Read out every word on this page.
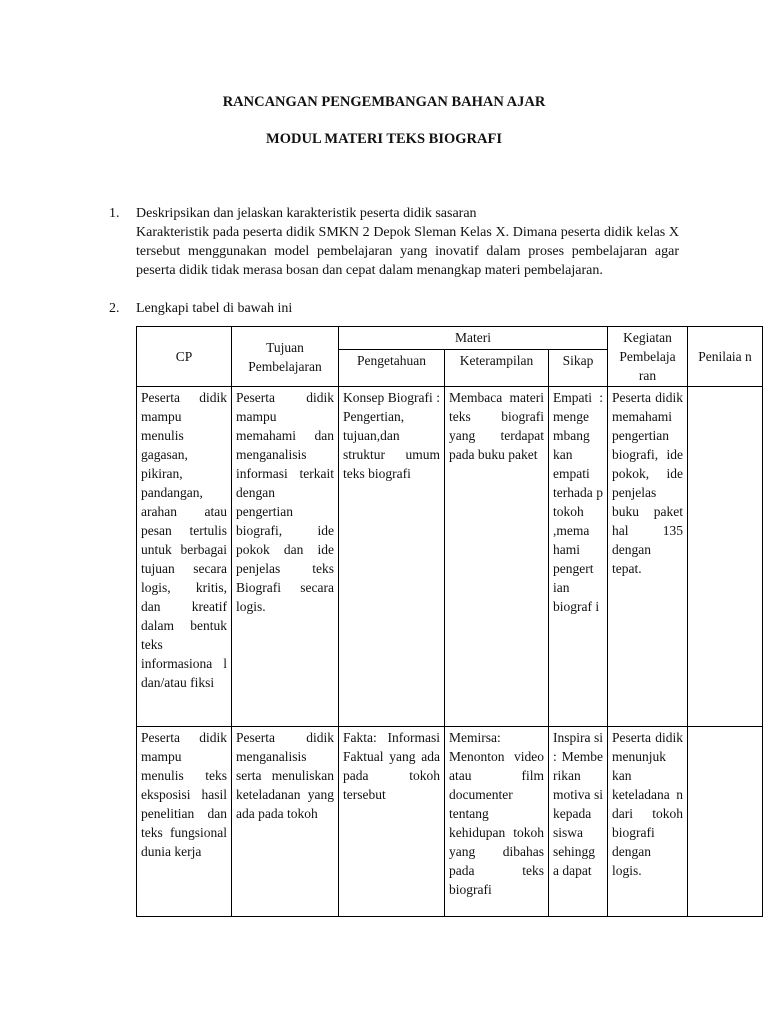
RANCANGAN PENGEMBANGAN BAHAN AJAR
MODUL MATERI TEKS BIOGRAFI
1. Deskripsikan dan jelaskan karakteristik peserta didik sasaran

Karakteristik pada peserta didik SMKN 2 Depok Sleman Kelas X. Dimana peserta didik kelas X tersebut menggunakan model pembelajaran yang inovatif dalam proses pembelajaran agar peserta didik tidak merasa bosan dan cepat dalam menangkap materi pembelajaran.

2. Lengkapi tabel di bawah ini

CP	Tujuan Pembelajaran	Materi			Kegiatan Pembelaja ran	Penilaia n
		Pengetahuan	Keterampilan	Sikap		
Peserta didik mampu menulis gagasan, pikiran, pandangan, arahan atau pesan tertulis untuk berbagai tujuan secara logis, kritis, dan kreatif dalam bentuk teks informasiona l dan/atau fiksi	Peserta didik mampu memahami dan menganalisis informasi terkait dengan pengertian biografi, ide pokok dan ide penjelas teks Biografi secara logis.	Konsep Biografi : Pengertian, tujuan,dan struktur umum teks biografi	Membaca materi teks biografi yang terdapat pada buku paket	Empati : menge mbang kan empati terhada p tokoh ,mema hami pengert ian biograf i	Peserta didik memahami pengertian biografi, ide pokok, ide penjelas buku paket hal 135 dengan tepat.	
Peserta didik mampu menulis teks eksposisi hasil penelitian dan teks fungsional dunia kerja	Peserta didik menganalisis serta menuliskan keteladanan yang ada pada tokoh	Fakta: Informasi Faktual yang ada pada tokoh tersebut	Memirsa: Menonton video atau film documenter tentang kehidupan tokoh yang dibahas pada teks biografi	Inspira si : Membe rikan motiva si kepada siswa sehingg a dapat	Peserta didik menunjuk kan keteladana n dari tokoh biografi dengan logis.	
